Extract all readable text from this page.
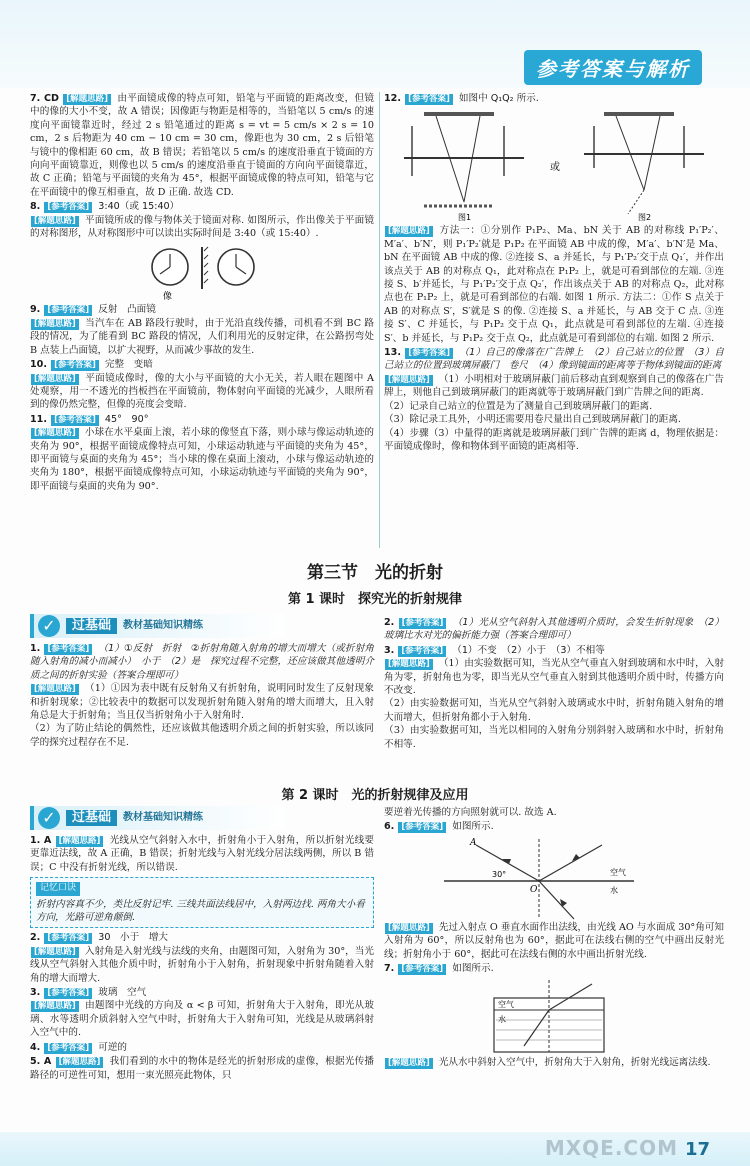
参考答案与解析

7. CD [解题思路] 由平面镜成像的特点可知，铅笔与平面镜的距离改变，但镜中的像的大小不变，故 A 错误；因像距与物距是相等的，当铅笔以 5 cm/s 的速度向平面镜靠近时，经过 2 s 铅笔通过的距离 s = vt = 5 cm/s × 2 s = 10 cm，2 s 后物距为 40 cm − 10 cm = 30 cm，像距也为 30 cm，2 s 后铅笔与镜中的像相距 60 cm，故 B 错误；若铅笔以 5 cm/s 的速度沿垂直于镜面的方向向平面镜靠近，则像也以 5 cm/s 的速度沿垂直于镜面的方向向平面镜靠近，故 C 正确；铅笔与平面镜的夹角为 45°，根据平面镜成像的特点可知，铅笔与它在平面镜中的像互相垂直，故 D 正确. 故选 CD.

8. [参考答案] 3:40（或 15:40）
[解题思路] 平面镜所成的像与物体关于镜面对称. 如图所示，作出像关于平面镜的对称图形，从对称图形中可以读出实际时间是 3:40（或 15:40）.

像

9. [参考答案] 反射　凸面镜
[解题思路] 当汽车在 AB 路段行驶时，由于光沿直线传播，司机看不到 BC 路段的情况，为了能看到 BC 路段的情况，人们利用光的反射定律，在公路拐弯处 B 点装上凸面镜，以扩大视野，从而减少事故的发生.

10. [参考答案] 完整　变暗
[解题思路] 平面镜成像时，像的大小与平面镜的大小无关，若人眼在题图中 A 处观察，用一不透光的挡板挡在平面镜前，物体射向平面镜的光减少，人眼所看到的像仍然完整，但像的亮度会变暗.

11. [参考答案] 45°　90°
[解题思路] 小球在水平桌面上滚，若小球的像竖直下落，则小球与像运动轨迹的夹角为 90°，根据平面镜成像特点可知，小球运动轨迹与平面镜的夹角为 45°，即平面镜与桌面的夹角为 45°；当小球的像在桌面上滚动，小球与像运动轨迹的夹角为 180°，根据平面镜成像特点可知，小球运动轨迹与平面镜的夹角为 90°，即平面镜与桌面的夹角为 90°.

12. [参考答案] 如图中 Q₁Q₂ 所示.

图1
或
图2

[解题思路] 方法一：①分别作 P₁P₂、Ma、bN 关于 AB 的对称线 P₁′P₂′、M′a′、b′N′，则 P₁′P₂′就是 P₁P₂ 在平面镜 AB 中成的像，M′a′、b′N′是 Ma、bN 在平面镜 AB 中成的像. ②连接 S、a 并延长，与 P₁′P₂′交于点 Q₁′，并作出该点关于 AB 的对称点 Q₁，此对称点在 P₁P₂ 上，就是可看到部位的左端. ③连接 S、b′并延长，与 P₁′P₂′交于点 Q₂′，作出该点关于 AB 的对称点 Q₂，此对称点也在 P₁P₂ 上，就是可看到部位的右端. 如图 1 所示. 方法二：①作 S 点关于 AB 的对称点 S′，S′就是 S 的像. ②连接 S、a 并延长，与 AB 交于 C 点. ③连接 S′、C 并延长，与 P₁P₂ 交于点 Q₁，此点就是可看到部位的左端. ④连接 S′、b 并延长，与 P₁P₂ 交于点 Q₂，此点就是可看到部位的右端. 如图 2 所示.

13. [参考答案] （1）自己的像落在广告牌上　（2）自己站立的位置　（3）自己站立的位置到玻璃屏蔽门　卷尺　（4）像到镜面的距离等于物体到镜面的距离
[解题思路] （1）小明相对于玻璃屏蔽门前后移动直到观察到自己的像落在广告牌上，则他自己到玻璃屏蔽门的距离就等于玻璃屏蔽门到广告牌之间的距离.
（2）记录自己站立的位置是为了测量自己到玻璃屏蔽门的距离.
（3）除记录工具外，小明还需要用卷尺量出自己到玻璃屏蔽门的距离.
（4）步骤（3）中量得的距离就是玻璃屏蔽门到广告牌的距离 d，物理依据是：平面镜成像时，像和物体到平面镜的距离相等.

第三节　光的折射
第 1 课时　探究光的折射规律
✓	过基础	教材基础知识精练

1. [参考答案] （1）①反射　折射　②折射角随入射角的增大而增大（或折射角随入射角的减小而减小）　小于　（2）是　探究过程不完整，还应该做其他透明介质之间的折射实验（答案合理即可）
[解题思路] （1）①因为表中既有反射角又有折射角，说明同时发生了反射现象和折射现象；②比较表中的数据可以发现折射角随入射角的增大而增大，且入射角总是大于折射角；当且仅当折射角小于入射角时.
（2）为了防止结论的偶然性，还应该做其他透明介质之间的折射实验，所以该同学的探究过程存在不足.

2. [参考答案] （1）光从空气斜射入其他透明介质时，会发生折射现象　（2）玻璃比水对光的偏折能力强（答案合理即可）

3. [参考答案] （1）不变　（2）小于　（3）不相等
[解题思路] （1）由实验数据可知，当光从空气垂直入射到玻璃和水中时，入射角为零，折射角也为零，即当光从空气垂直入射到其他透明介质中时，传播方向不改变.
（2）由实验数据可知，当光从空气斜射入玻璃或水中时，折射角随入射角的增大而增大，但折射角都小于入射角.
（3）由实验数据可知，当光以相同的入射角分别斜射入玻璃和水中时，折射角不相等.

第 2 课时　光的折射规律及应用
✓	过基础	教材基础知识精练

1. A [解题思路] 光线从空气斜射入水中，折射角小于入射角，所以折射光线要更靠近法线，故 A 正确，B 错误；折射光线与入射光线分居法线两侧，所以 B 错误；C 中没有折射光线，所以错误.

记忆口诀
折射内容真不少，类比反射记牢. 三线共面法线居中，入射两边找. 两角大小看方向，光路可逆角颠倒.

2. [参考答案] 30　小于　增大
[解题思路] 入射角是入射光线与法线的夹角，由题图可知，入射角为 30°，当光线从空气斜射入其他介质中时，折射角小于入射角，折射现象中折射角随着入射角的增大而增大.

3. [参考答案] 玻璃　空气
[解题思路] 由题图中光线的方向及 α < β 可知，折射角大于入射角，即光从玻璃、水等透明介质斜射入空气中时，折射角大于入射角可知，光线是从玻璃斜射入空气中的.

4. [参考答案] 可逆的

5. A [解题思路] 我们看到的水中的物体是经光的折射形成的虚像，根据光传播路径的可逆性可知，想用一束光照亮此物体，只

要逆着光传播的方向照射就可以. 故选 A.

6. [参考答案] 如图所示.

A
O
30°	空气
水

[解题思路] 先过入射点 O 垂直水面作出法线，由光线 AO 与水面成 30°角可知入射角为 60°，所以反射角也为 60°，据此可在法线右侧的空气中画出反射光线；折射角小于 60°，据此可在法线右侧的水中画出折射光线.

7. [参考答案] 如图所示.

空气
水

[解题思路] 光从水中斜射入空气中，折射角大于入射角，折射光线远离法线.

MXQE.COM 17
